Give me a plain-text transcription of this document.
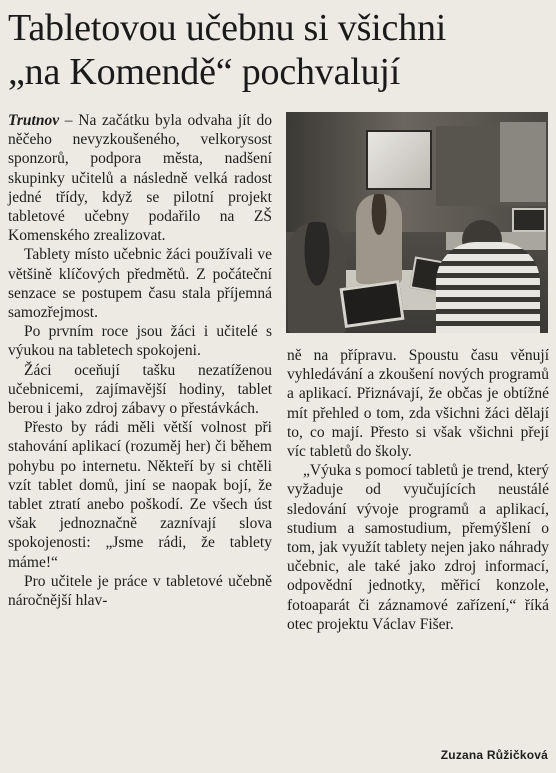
Tabletovou učebnu si všichni
„na Komendě“ pochvalují

Trutnov – Na začátku byla odvaha jít do něčeho nevyzkoušeného, velkorysost sponzorů, podpora města, nadšení skupinky učitelů a následně velká radost jedné třídy, když se pilotní projekt tabletové učebny podařilo na ZŠ Komenského zrealizovat.

Tablety místo učebnic žáci používali ve většině klíčových předmětů. Z počáteční senzace se postupem času stala příjemná samozřejmost.

Po prvním roce jsou žáci i učitelé s výukou na tabletech spokojeni.

Žáci oceňují tašku nezatíženou učebnicemi, zajímavější hodiny, tablet berou i jako zdroj zábavy o přestávkách.

Přesto by rádi měli větší volnost při stahování aplikací (rozuměj her) či během pohybu po internetu. Někteří by si chtěli vzít tablet domů, jiní se naopak bojí, že tablet ztratí anebo poškodí. Ze všech úst však jednoznačně zaznívají slova spokojenosti: „Jsme rádi, že tablety máme!“

Pro učitele je práce v tabletové učebně náročnější hlav-

ně na přípravu. Spoustu času věnují vyhledávání a zkoušení nových programů a aplikací. Přiznávají, že občas je obtížné mít přehled o tom, zda všichni žáci dělají to, co mají. Přesto si však všichni přejí víc tabletů do školy.

„Výuka s pomocí tabletů je trend, který vyžaduje od vyučujících neustálé sledování vývoje programů a aplikací, studium a samostudium, přemýšlení o tom, jak využít tablety nejen jako náhrady učebnic, ale také jako zdroj informací, odpovědní jednotky, měřicí konzole, fotoaparát či záznamové zařízení,“ říká otec projektu Václav Fišer.

Zuzana Růžičková
